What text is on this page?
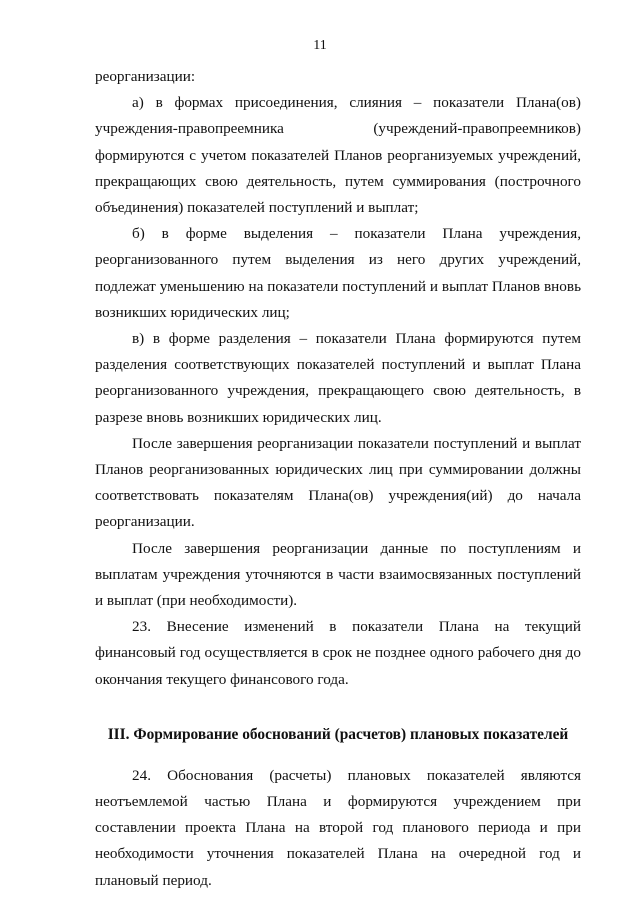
11

реорганизации:

а) в формах присоединения, слияния – показатели Плана(ов) учреждения-правопреемника (учреждений-правопреемников) формируются с учетом показателей Планов реорганизуемых учреждений, прекращающих свою деятельность, путем суммирования (построчного объединения) показателей поступлений и выплат;

б) в форме выделения – показатели Плана учреждения, реорганизованного путем выделения из него других учреждений, подлежат уменьшению на показатели поступлений и выплат Планов вновь возникших юридических лиц;

в) в форме разделения – показатели Плана формируются путем разделения соответствующих показателей поступлений и выплат Плана реорганизованного учреждения, прекращающего свою деятельность, в разрезе вновь возникших юридических лиц.

После завершения реорганизации показатели поступлений и выплат Планов реорганизованных юридических лиц при суммировании должны соответствовать показателям Плана(ов) учреждения(ий) до начала реорганизации.

После завершения реорганизации данные по поступлениям и выплатам учреждения уточняются в части взаимосвязанных поступлений и выплат (при необходимости).

23. Внесение изменений в показатели Плана на текущий финансовый год осуществляется в срок не позднее одного рабочего дня до окончания текущего финансового года.

III. Формирование обоснований (расчетов) плановых показателей

24. Обоснования (расчеты) плановых показателей являются неотъемлемой частью Плана и формируются учреждением при составлении проекта Плана на второй год планового периода и при необходимости уточнения показателей Плана на очередной год и плановый период.
